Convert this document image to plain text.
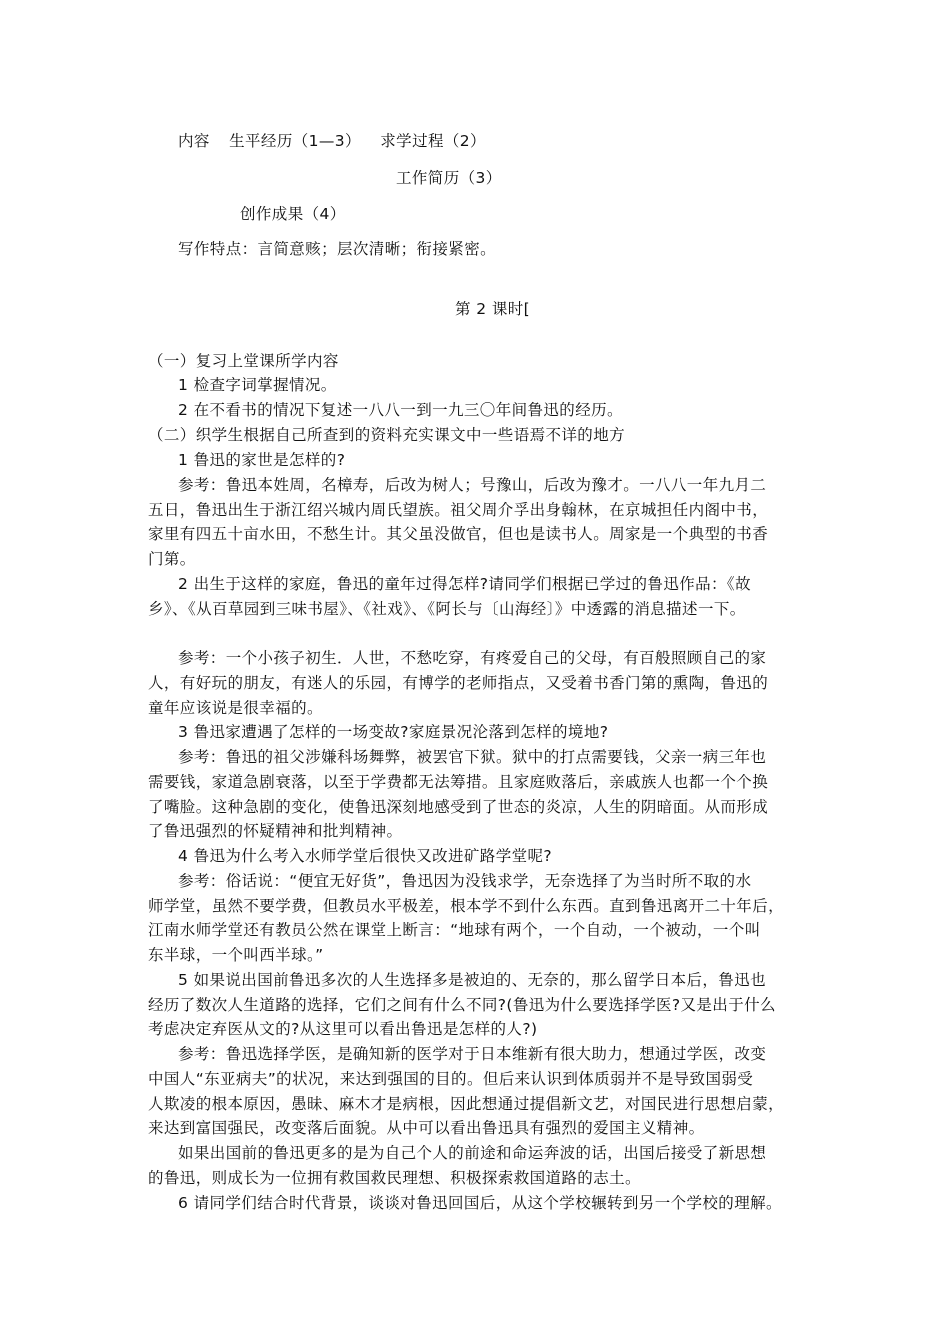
内容 生平经历（1—3） 求学过程（2）
工作简历（3）
创作成果（4）
写作特点：言简意赅；层次清晰；衔接紧密。
第 2 课时[
（一）复习上堂课所学内容
1 检查字词掌握情况。
2 在不看书的情况下复述一八八一到一九三〇年间鲁迅的经历。
（二）织学生根据自己所查到的资料充实课文中一些语焉不详的地方
1 鲁迅的家世是怎样的?
参考：鲁迅本姓周，名樟寿，后改为树人；号豫山，后改为豫才。一八八一年九月二
五日，鲁迅出生于浙江绍兴城内周氏望族。祖父周介孚出身翰林，在京城担任内阁中书，
家里有四五十亩水田，不愁生计。其父虽没做官，但也是读书人。周家是一个典型的书香
门第。
2 出生于这样的家庭，鲁迅的童年过得怎样?请同学们根据已学过的鲁迅作品：《故
乡》、《从百草园到三味书屋》、《社戏》、《阿长与〔山海经〕》中透露的消息描述一下。
参考：一个小孩子初生．人世，不愁吃穿，有疼爱自己的父母，有百般照顾自己的家
人，有好玩的朋友，有迷人的乐园，有博学的老师指点，又受着书香门第的熏陶，鲁迅的
童年应该说是很幸福的。
3 鲁迅家遭遇了怎样的一场变故?家庭景况沦落到怎样的境地?
参考：鲁迅的祖父涉嫌科场舞弊，被罢官下狱。狱中的打点需要钱，父亲一病三年也
需要钱，家道急剧衰落，以至于学费都无法筹措。且家庭败落后，亲戚族人也都一个个换
了嘴脸。这种急剧的变化，使鲁迅深刻地感受到了世态的炎凉，人生的阴暗面。从而形成
了鲁迅强烈的怀疑精神和批判精神。
4 鲁迅为什么考入水师学堂后很快又改进矿路学堂呢?
参考：俗话说：“便宜无好货”，鲁迅因为没钱求学，无奈选择了为当时所不取的水
师学堂，虽然不要学费，但教员水平极差，根本学不到什么东西。直到鲁迅离开二十年后，
江南水师学堂还有教员公然在课堂上断言：“地球有两个，一个自动，一个被动，一个叫
东半球，一个叫西半球。”
5 如果说出国前鲁迅多次的人生选择多是被迫的、无奈的，那么留学日本后，鲁迅也
经历了数次人生道路的选择，它们之间有什么不同?(鲁迅为什么要选择学医?又是出于什么
考虑决定弃医从文的?从这里可以看出鲁迅是怎样的人?)
参考：鲁迅选择学医，是确知新的医学对于日本维新有很大助力，想通过学医，改变
中国人“东亚病夫”的状况，来达到强国的目的。但后来认识到体质弱并不是导致国弱受
人欺凌的根本原因，愚昧、麻木才是病根，因此想通过提倡新文艺，对国民进行思想启蒙，
来达到富国强民，改变落后面貌。从中可以看出鲁迅具有强烈的爱国主义精神。
如果出国前的鲁迅更多的是为自己个人的前途和命运奔波的话，出国后接受了新思想
的鲁迅，则成长为一位拥有救国救民理想、积极探索救国道路的志土。
6 请同学们结合时代背景，谈谈对鲁迅回国后，从这个学校辗转到另一个学校的理解。
